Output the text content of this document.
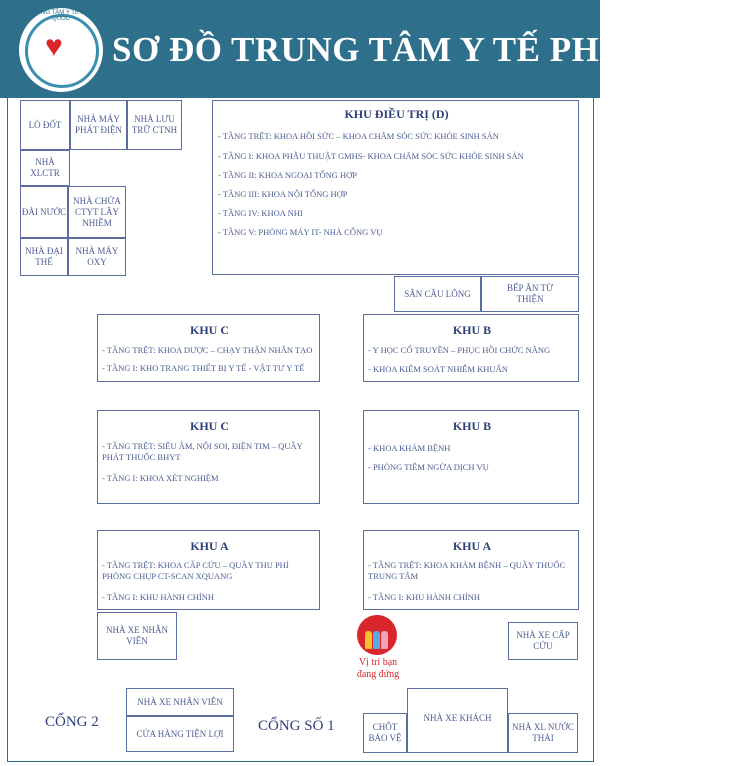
TRUNG TÂM Y TẾ PHÚ QUỐC
♥ SƠ ĐỒ TRUNG TÂM Y TẾ PHÚ QUỐC
LÒ ĐỐT
NHÀ MÁY PHÁT ĐIỆN
NHÀ LƯU TRỮ CTNH
NHÀ XLCTR
ĐÀI NƯỚC
NHÀ CHỨA CTYT LÂY NHIỄM
NHÀ ĐẠI THỂ
NHÀ MÁY OXY
KHU ĐIỀU TRỊ (D)
- TẦNG TRỆT: KHOA HỒI SỨC – KHOA CHĂM SÓC SỨC KHỎE SINH SẢN
- TẦNG I: KHOA PHẪU THUẬT GMHS- KHOA CHĂM SÓC SỨC KHỎE SINH SẢN
- TẦNG II: KHOA NGOẠI TỔNG HỢP
- TẦNG III: KHOA NỘI TỔNG HỢP
- TẦNG IV: KHOA NHI
- TẦNG V: PHÒNG MÁY IT- NHÀ CÔNG VỤ
SÂN CẦU LÔNG
BẾP ĂN TỪ THIỆN
KHU C
- TẦNG TRỆT: KHOA DƯỢC – CHẠY THẬN NHÂN TẠO
- TẦNG I: KHO TRANG THIẾT BỊ Y TẾ - VẬT TƯ Y TẾ
KHU B
- Y HỌC CỔ TRUYỀN – PHỤC HỒI CHỨC NĂNG
- KHOA KIỂM SOÁT NHIỄM KHUẨN
KHU C
- TẦNG TRỆT: SIÊU ÂM, NỘI SOI, ĐIỆN TIM – QUẦY PHÁT THUỐC BHYT
- TẦNG I: KHOA XÉT NGHIỆM
KHU B
- KHOA KHÁM BỆNH
- PHÒNG TIÊM NGỪA DỊCH VỤ
KHU A
- TẦNG TRỆT: KHOA CẤP CỨU – QUẦY THU PHÍ PHÒNG CHỤP CT-SCAN XQUANG
- TẦNG I: KHU HÀNH CHÍNH
KHU A
- TẦNG TRỆT: KHOA KHÁM BỆNH – QUẦY THUỐC TRUNG TÂM
- TẦNG I: KHU HÀNH CHÍNH
NHÀ XE NHÂN VIÊN
NHÀ XE CẤP CỨU
Vị trí bạn đang đứng
NHÀ XE NHÂN VIÊN
CỬA HÀNG TIỆN LỢI
CHỐT BẢO VỆ
NHÀ XE KHÁCH
NHÀ XL NƯỚC THẢI
CỔNG 2	CỔNG SỐ 1
